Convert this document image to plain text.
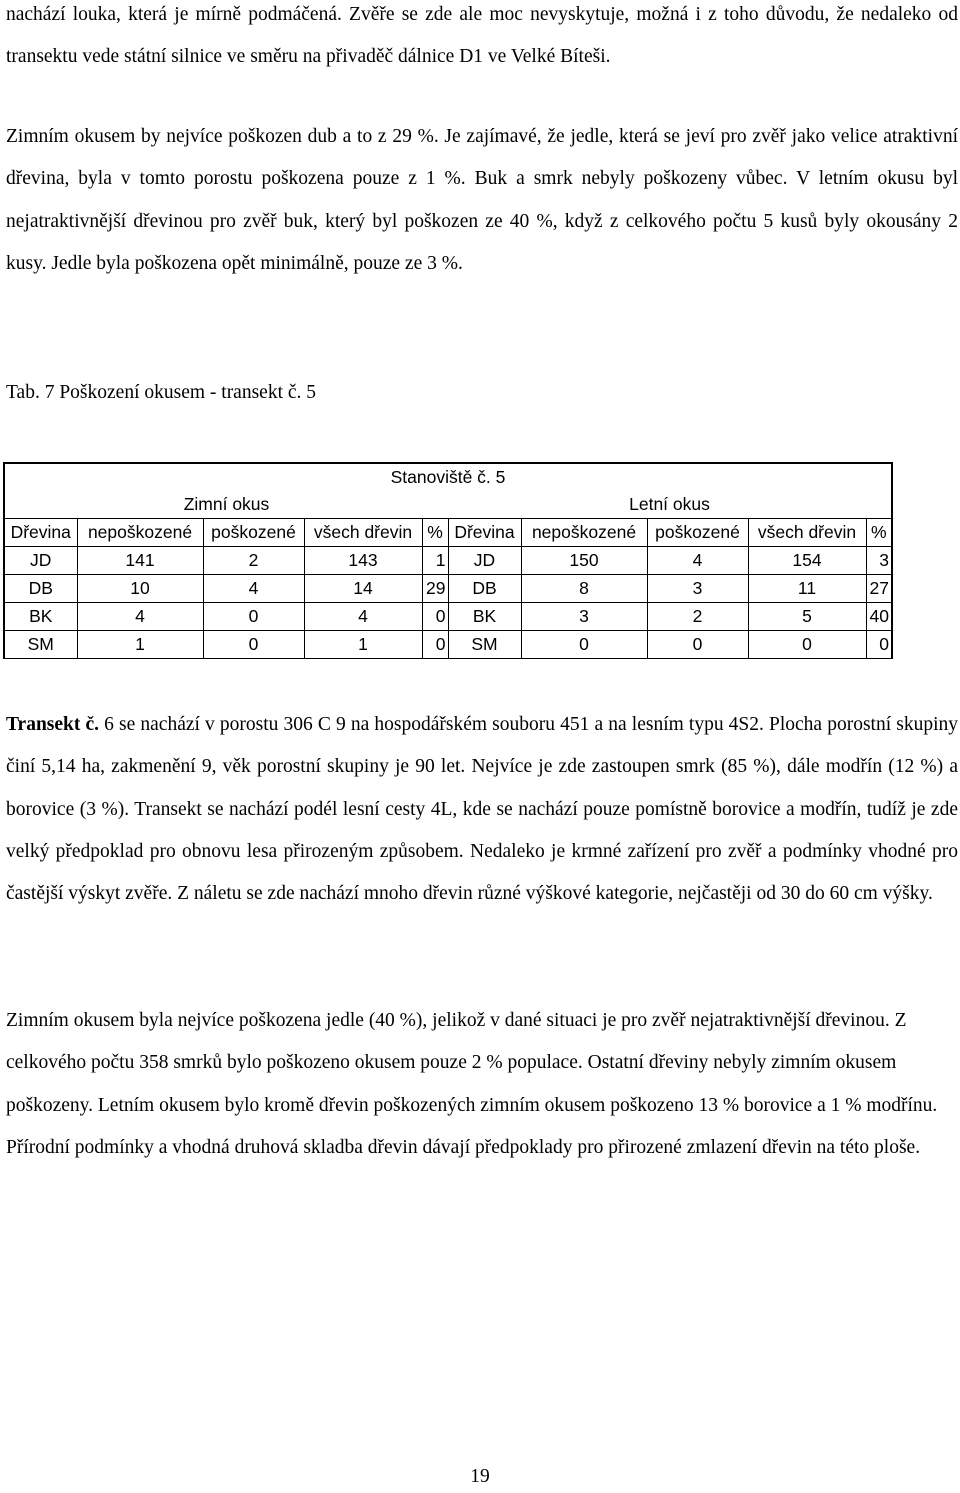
nachází louka, která je mírně podmáčená. Zvěře se zde ale moc nevyskytuje, možná i z toho důvodu, že nedaleko od transektu vede státní silnice ve směru na přivaděč dálnice D1 ve Velké Bíteši.

Zimním okusem by nejvíce poškozen dub a to z 29 %. Je zajímavé, že jedle, která se jeví pro zvěř jako velice atraktivní dřevina, byla v tomto porostu poškozena pouze z 1 %. Buk a smrk nebyly poškozeny vůbec. V letním okusu byl nejatraktivnější dřevinou pro zvěř buk, který byl poškozen ze 40 %, když z celkového počtu 5 kusů byly okousány 2 kusy. Jedle byla poškozena opět minimálně, pouze ze 3 %.

Tab. 7 Poškození okusem - transekt č. 5

Stanoviště č. 5									
Zimní okus					Letní okus				
Dřevina	nepoškozené	poškozené	všech dřevin	%	Dřevina	nepoškozené	poškozené	všech dřevin	%
JD	141	2	143	1	JD	150	4	154	3
DB	10	4	14	29	DB	8	3	11	27
BK	4	0	4	0	BK	3	2	5	40
SM	1	0	1	0	SM	0	0	0	0

Transekt č. 6 se nachází v porostu 306 C 9 na hospodářském souboru 451 a na lesním typu 4S2. Plocha porostní skupiny činí 5,14 ha, zakmenění 9, věk porostní skupiny je 90 let. Nejvíce je zde zastoupen smrk (85 %), dále modřín (12 %) a borovice (3 %). Transekt se nachází podél lesní cesty 4L, kde se nachází pouze pomístně borovice a modřín, tudíž je zde velký předpoklad pro obnovu lesa přirozeným způsobem. Nedaleko je krmné zařízení pro zvěř a podmínky vhodné pro častější výskyt zvěře. Z náletu se zde nachází mnoho dřevin různé výškové kategorie, nejčastěji od 30 do 60 cm výšky.

Zimním okusem byla nejvíce poškozena jedle (40 %), jelikož v dané situaci je pro zvěř nejatraktivnější dřevinou. Z celkového počtu 358 smrků bylo poškozeno okusem pouze 2 % populace. Ostatní dřeviny nebyly zimním okusem poškozeny. Letním okusem bylo kromě dřevin poškozených zimním okusem poškozeno 13 % borovice a 1 % modřínu. Přírodní podmínky a vhodná druhová skladba dřevin dávají předpoklady pro přirozené zmlazení dřevin na této ploše.

19
